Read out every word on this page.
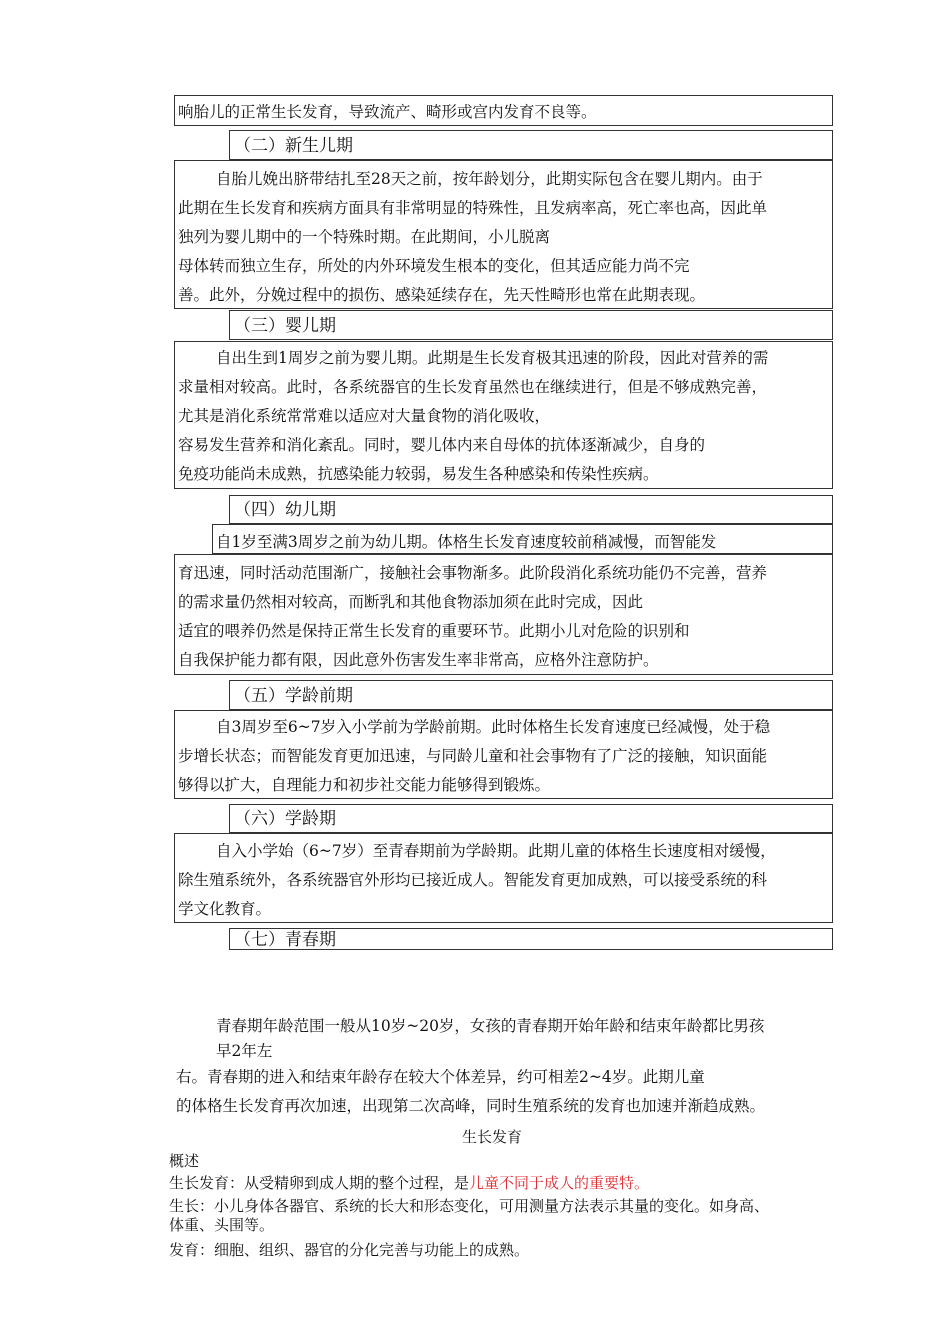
响胎儿的正常生长发育，导致流产、畸形或宫内发育不良等。
（二）新生儿期
自胎儿娩出脐带结扎至28天之前，按年龄划分，此期实际包含在婴儿期内。由于
此期在生长发育和疾病方面具有非常明显的特殊性，且发病率高，死亡率也高，因此单
独列为婴儿期中的一个特殊时期。在此期间，小儿脱离
母体转而独立生存，所处的内外环境发生根本的变化，但其适应能力尚不完
善。此外，分娩过程中的损伤、感染延续存在，先天性畸形也常在此期表现。
（三）婴儿期
自出生到1周岁之前为婴儿期。此期是生长发育极其迅速的阶段，因此对营养的需
求量相对较高。此时，各系统器官的生长发育虽然也在继续进行，但是不够成熟完善，
尤其是消化系统常常难以适应对大量食物的消化吸收，
容易发生营养和消化紊乱。同时，婴儿体内来自母体的抗体逐渐减少，自身的
免疫功能尚未成熟，抗感染能力较弱，易发生各种感染和传染性疾病。
（四）幼儿期
自1岁至满3周岁之前为幼儿期。体格生长发育速度较前稍减慢，而智能发
育迅速，同时活动范围渐广，接触社会事物渐多。此阶段消化系统功能仍不完善，营养
的需求量仍然相对较高，而断乳和其他食物添加须在此时完成，因此
适宜的喂养仍然是保持正常生长发育的重要环节。此期小儿对危险的识别和
自我保护能力都有限，因此意外伤害发生率非常高，应格外注意防护。
（五）学龄前期
自3周岁至6~7岁入小学前为学龄前期。此时体格生长发育速度已经减慢，处于稳
步增长状态；而智能发育更加迅速，与同龄儿童和社会事物有了广泛的接触，知识面能
够得以扩大，自理能力和初步社交能力能够得到锻炼。
（六）学龄期
自入小学始（6~7岁）至青春期前为学龄期。此期儿童的体格生长速度相对缓慢，
除生殖系统外，各系统器官外形均已接近成人。智能发育更加成熟，可以接受系统的科
学文化教育。
（七）青春期
青春期年龄范围一般从10岁~20岁，女孩的青春期开始年龄和结束年龄都比男孩
早2年左
右。青春期的进入和结束年龄存在较大个体差异，约可相差2~4岁。此期儿童
的体格生长发育再次加速，出现第二次高峰，同时生殖系统的发育也加速并渐趋成熟。
生长发育
概述
生长发育：从受精卵到成人期的整个过程，是儿童不同于成人的重要特。
生长：小儿身体各器官、系统的长大和形态变化，可用测量方法表示其量的变化。如身高、
体重、头围等。
发育：细胞、组织、器官的分化完善与功能上的成熟。
